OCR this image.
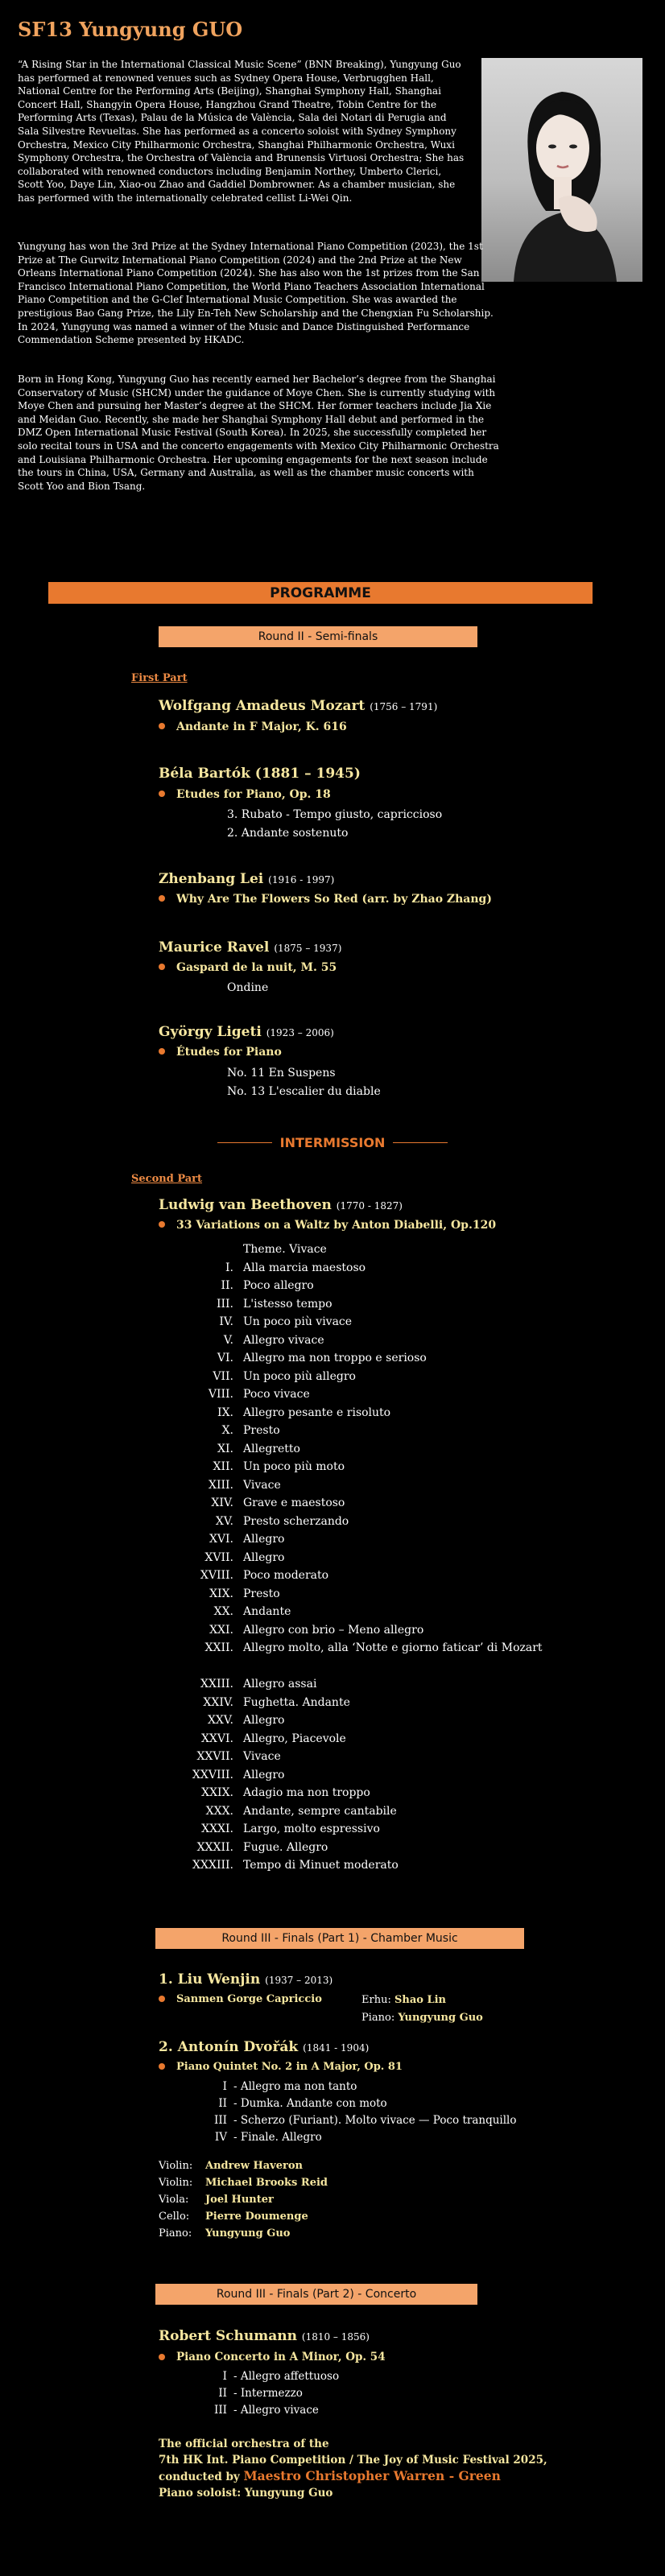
SF13 Yungyung GUO

“A Rising Star in the International Classical Music Scene” (BNN Breaking), Yungyung Guo has performed at renowned venues such as Sydney Opera House, Verbrugghen Hall, National Centre for the Performing Arts (Beijing), Shanghai Symphony Hall, Shanghai Concert Hall, Shangyin Opera House, Hangzhou Grand Theatre, Tobin Centre for the Performing Arts (Texas), Palau de la Música de València, Sala dei Notari di Perugia and Sala Silvestre Revueltas. She has performed as a concerto soloist with Sydney Symphony Orchestra, Mexico City Philharmonic Orchestra, Shanghai Philharmonic Orchestra, Wuxi Symphony Orchestra, the Orchestra of València and Brunensis Virtuosi Orchestra; She has collaborated with renowned conductors including Benjamin Northey, Umberto Clerici, Scott Yoo, Daye Lin, Xiao-ou Zhao and Gaddiel Dombrowner. As a chamber musician, she has performed with the internationally celebrated cellist Li-Wei Qin.

Yungyung has won the 3rd Prize at the Sydney International Piano Competition (2023), the 1st Prize at The Gurwitz International Piano Competition (2024) and the 2nd Prize at the New Orleans International Piano Competition (2024). She has also won the 1st prizes from the San Francisco International Piano Competition, the World Piano Teachers Association International Piano Competition and the G-Clef International Music Competition. She was awarded the prestigious Bao Gang Prize, the Lily En-Teh New Scholarship and the Chengxian Fu Scholarship. In 2024, Yungyung was named a winner of the Music and Dance Distinguished Performance Commendation Scheme presented by HKADC.

Born in Hong Kong, Yungyung Guo has recently earned her Bachelor’s degree from the Shanghai Conservatory of Music (SHCM) under the guidance of Moye Chen. She is currently studying with Moye Chen and pursuing her Master’s degree at the SHCM. Her former teachers include Jia Xie and Meidan Guo. Recently, she made her Shanghai Symphony Hall debut and performed in the DMZ Open International Music Festival (South Korea). In 2025, she successfully completed her solo recital tours in USA and the concerto engagements with Mexico City Philharmonic Orchestra and Louisiana Philharmonic Orchestra. Her upcoming engagements for the next season include the tours in China, USA, Germany and Australia, as well as the chamber music concerts with Scott Yoo and Bion Tsang.

PROGRAMME
Round II - Semi-finals
First Part
Wolfgang Amadeus Mozart (1756 – 1791)
Andante in F Major, K. 616
Béla Bartók (1881 – 1945)
Etudes for Piano, Op. 18
3. Rubato - Tempo giusto, capriccioso
2. Andante sostenuto
Zhenbang Lei (1916 - 1997)
Why Are The Flowers So Red (arr. by Zhao Zhang)
Maurice Ravel (1875 – 1937)
Gaspard de la nuit, M. 55
Ondine
György Ligeti (1923 – 2006)
Études for Piano
No. 11 En Suspens
No. 13 L'escalier du diable
INTERMISSION
Second Part
Ludwig van Beethoven (1770 - 1827)
33 Variations on a Waltz by Anton Diabelli, Op.120
Theme. Vivace
I. Alla marcia maestoso
II. Poco allegro
III. L'istesso tempo
IV. Un poco più vivace
V. Allegro vivace
VI. Allegro ma non troppo e serioso
VII. Un poco più allegro
VIII. Poco vivace
IX. Allegro pesante e risoluto
X. Presto
XI. Allegretto
XII. Un poco più moto
XIII. Vivace
XIV. Grave e maestoso
XV. Presto scherzando
XVI. Allegro
XVII. Allegro
XVIII. Poco moderato
XIX. Presto
XX. Andante
XXI. Allegro con brio – Meno allegro
XXII. Allegro molto, alla ‘Notte e giorno faticar’ di Mozart
XXIII. Allegro assai
XXIV. Fughetta. Andante
XXV. Allegro
XXVI. Allegro, Piacevole
XXVII. Vivace
XXVIII. Allegro
XXIX. Adagio ma non troppo
XXX. Andante, sempre cantabile
XXXI. Largo, molto espressivo
XXXII. Fugue. Allegro
XXXIII. Tempo di Minuet moderato
Round III - Finals (Part 1) - Chamber Music
1. Liu Wenjin (1937 – 2013)
Sanmen Gorge Capriccio	Erhu: Shao Lin
Piano: Yungyung Guo
2. Antonín Dvořák (1841 - 1904)
Piano Quintet No. 2 in A Major, Op. 81
I - Allegro ma non tanto
II - Dumka. Andante con moto
III - Scherzo (Furiant). Molto vivace — Poco tranquillo
IV - Finale. Allegro
Violin: Andrew Haveron
Violin: Michael Brooks Reid
Viola: Joel Hunter
Cello: Pierre Doumenge
Piano: Yungyung Guo
Round III - Finals (Part 2) - Concerto
Robert Schumann (1810 – 1856)
Piano Concerto in A Minor, Op. 54
I - Allegro affettuoso
II - Intermezzo
III - Allegro vivace
The official orchestra of the
7th HK Int. Piano Competition / The Joy of Music Festival 2025,
conducted by Maestro Christopher Warren - Green
Piano soloist: Yungyung Guo
